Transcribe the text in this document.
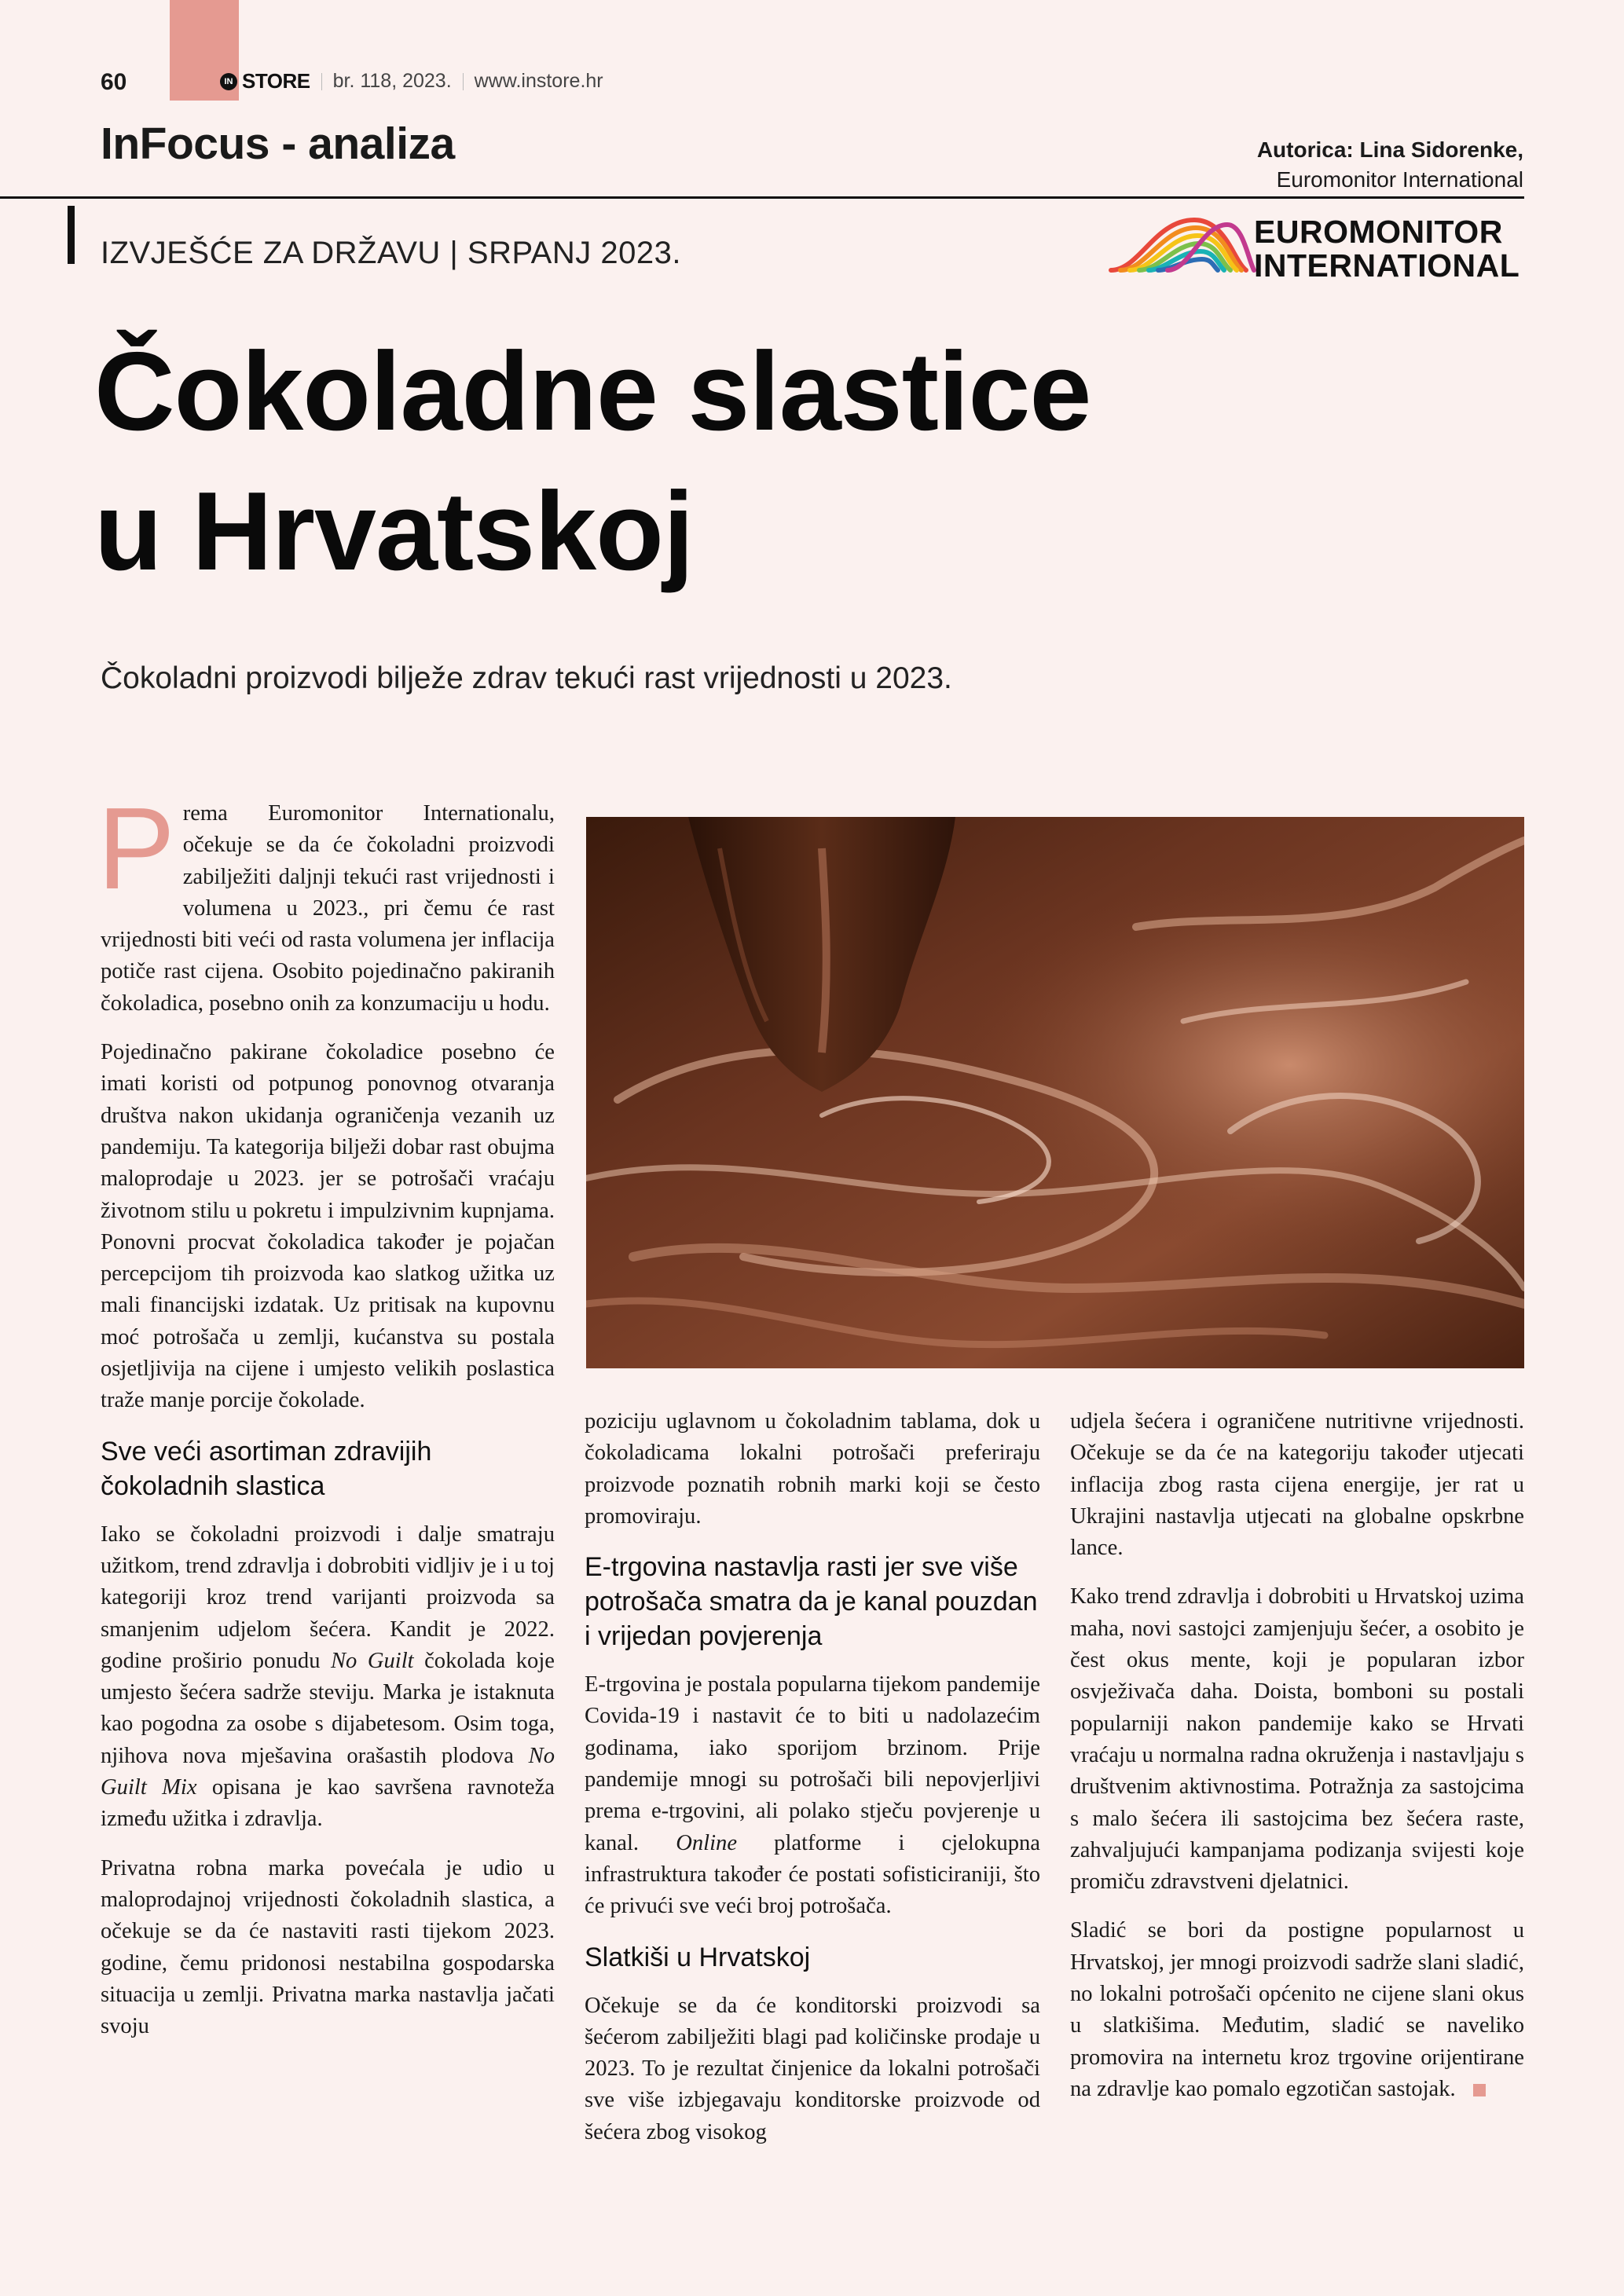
60	IN STORE br. 118, 2023. www.instore.hr
InFocus - analiza	Autorica: Lina Sidorenke,
Euromonitor International
IZVJEŠĆE ZA DRŽAVU | SRPANJ 2023.
EUROMONITOR
INTERNATIONAL
Čokoladne slastice
u Hrvatskoj
Čokoladni proizvodi bilježe zdrav tekući rast vrijednosti u 2023.

Prema Euromonitor Internationalu, očekuje se da će čokoladni proizvodi zabilježiti daljnji tekući rast vrijednosti i volumena u 2023., pri čemu će rast vrijednosti biti veći od rasta volumena jer inflacija potiče rast cijena. Osobito pojedinačno pakiranih čokoladica, posebno onih za konzumaciju u hodu.

Pojedinačno pakirane čokoladice posebno će imati koristi od potpunog ponovnog otvaranja društva nakon ukidanja ograničenja vezanih uz pandemiju. Ta kategorija bilježi dobar rast obujma maloprodaje u 2023. jer se potrošači vraćaju životnom stilu u pokretu i impulzivnim kupnjama. Ponovni procvat čokoladica također je pojačan percepcijom tih proizvoda kao slatkog užitka uz mali financijski izdatak. Uz pritisak na kupovnu moć potrošača u zemlji, kućanstva su postala osjetljivija na cijene i umjesto velikih poslastica traže manje porcije čokolade.

Sve veći asortiman zdravijih čokoladnih slastica

Iako se čokoladni proizvodi i dalje smatraju užitkom, trend zdravlja i dobrobiti vidljiv je i u toj kategoriji kroz trend varijanti proizvoda sa smanjenim udjelom šećera. Kandit je 2022. godine proširio ponudu No Guilt čokolada koje umjesto šećera sadrže steviju. Marka je istaknuta kao pogodna za osobe s dijabetesom. Osim toga, njihova nova mješavina orašastih plodova No Guilt Mix opisana je kao savršena ravnoteža između užitka i zdravlja.

Privatna robna marka povećala je udio u maloprodajnoj vrijednosti čokoladnih slastica, a očekuje se da će nastaviti rasti tijekom 2023. godine, čemu pridonosi nestabilna gospodarska situacija u zemlji. Privatna marka nastavlja jačati svoju

poziciju uglavnom u čokoladnim tablama, dok u čokoladicama lokalni potrošači preferiraju proizvode poznatih robnih marki koji se često promoviraju.

E-trgovina nastavlja rasti jer sve više potrošača smatra da je kanal pouzdan i vrijedan povjerenja

E-trgovina je postala popularna tijekom pandemije Covida-19 i nastavit će to biti u nadolazećim godinama, iako sporijom brzinom. Prije pandemije mnogi su potrošači bili nepovjerljivi prema e-trgovini, ali polako stječu povjerenje u kanal. Online platforme i cjelokupna infrastruktura također će postati sofisticiraniji, što će privući sve veći broj potrošača.

Slatkiši u Hrvatskoj

Očekuje se da će konditorski proizvodi sa šećerom zabilježiti blagi pad količinske prodaje u 2023. To je rezultat činjenice da lokalni potrošači sve više izbjegavaju konditorske proizvode od šećera zbog visokog

udjela šećera i ograničene nutritivne vrijednosti. Očekuje se da će na kategoriju također utjecati inflacija zbog rasta cijena energije, jer rat u Ukrajini nastavlja utjecati na globalne opskrbne lance.

Kako trend zdravlja i dobrobiti u Hrvatskoj uzima maha, novi sastojci zamjenjuju šećer, a osobito je čest okus mente, koji je popularan izbor osvježivača daha. Doista, bomboni su postali popularniji nakon pandemije kako se Hrvati vraćaju u normalna radna okruženja i nastavljaju s društvenim aktivnostima. Potražnja za sastojcima s malo šećera ili sastojcima bez šećera raste, zahvaljujući kampanjama podizanja svijesti koje promiču zdravstveni djelatnici.

Sladić se bori da postigne popularnost u Hrvatskoj, jer mnogi proizvodi sadrže slani sladić, no lokalni potrošači općenito ne cijene slani okus u slatkišima. Međutim, sladić se naveliko promovira na internetu kroz trgovine orijentirane na zdravlje kao pomalo egzotičan sastojak.
